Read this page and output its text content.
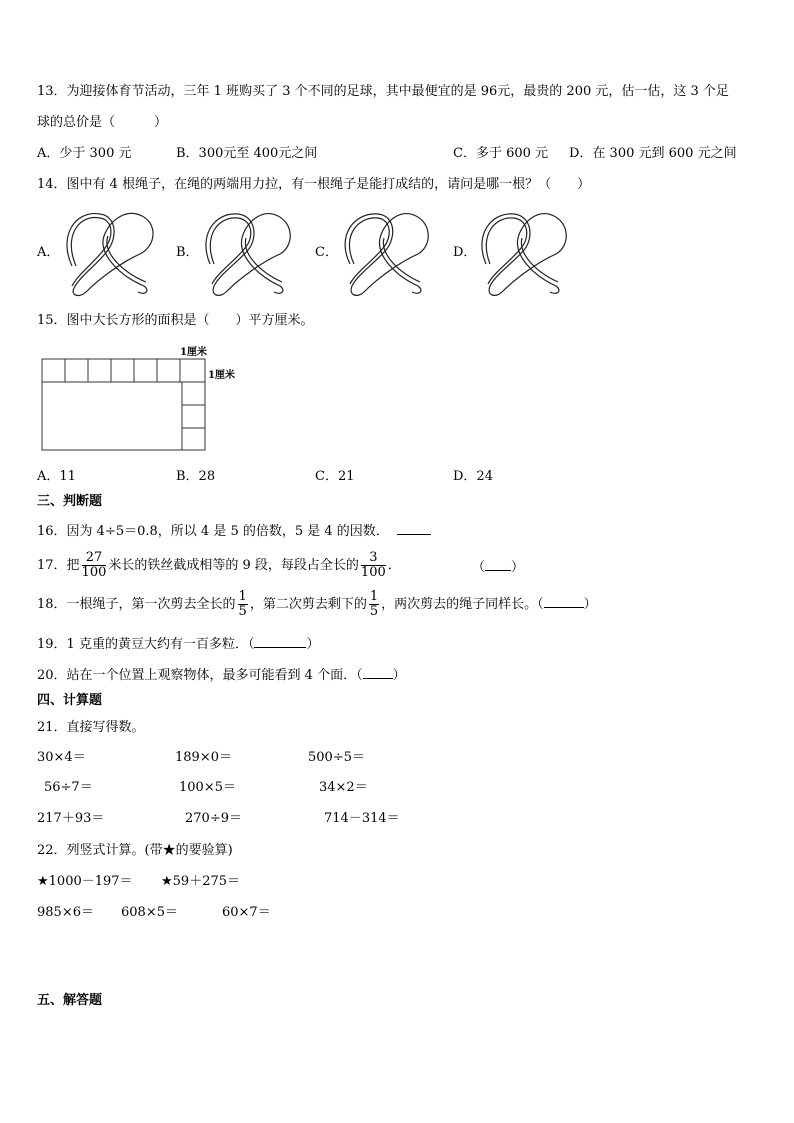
13．为迎接体育节活动，三年 1 班购买了 3 个不同的足球，其中最便宜的是 96元，最贵的 200 元，估一估，这 3 个足
球的总价是（　　　）
A．少于 300 元	B．300元至 400元之间	C．多于 600 元 D．在 300 元到 600 元之间
14．图中有 4 根绳子，在绳的两端用力拉，有一根绳子是能打成结的，请问是哪一根？（　　）
A．	B．	C．	D．
15．图中大长方形的面积是（　　）平方厘米。
1厘米
1厘米
A．11	B．28	C．21	D．24
三、判断题
16．因为 4÷5＝0.8，所以 4 是 5 的倍数，5 是 4 的因数．
17．把 $\frac{27}{100}$ 米长的铁丝截成相等的 9 段，每段占全长的 $\frac{3}{100}$ ．	（ ）
18．一根绳子，第一次剪去全长的 $\frac{1}{5}$ ，第二次剪去剩下的 $\frac{1}{5}$ ，两次剪去的绳子同样长。（	）
19．1 克重的黄豆大约有一百多粒．（	）
20．站在一个位置上观察物体，最多可能看到 4 个面．（ ）
四、计算题
21．直接写得数。
30×4＝	189×0＝	500÷5＝
56÷7＝	100×5＝	34×2＝
217＋93＝	270÷9＝	714－314＝
22．列竖式计算。(带★的要验算)
★1000－197＝ ★59＋275＝
985×6＝ 608×5＝	60×7＝
五、解答题
